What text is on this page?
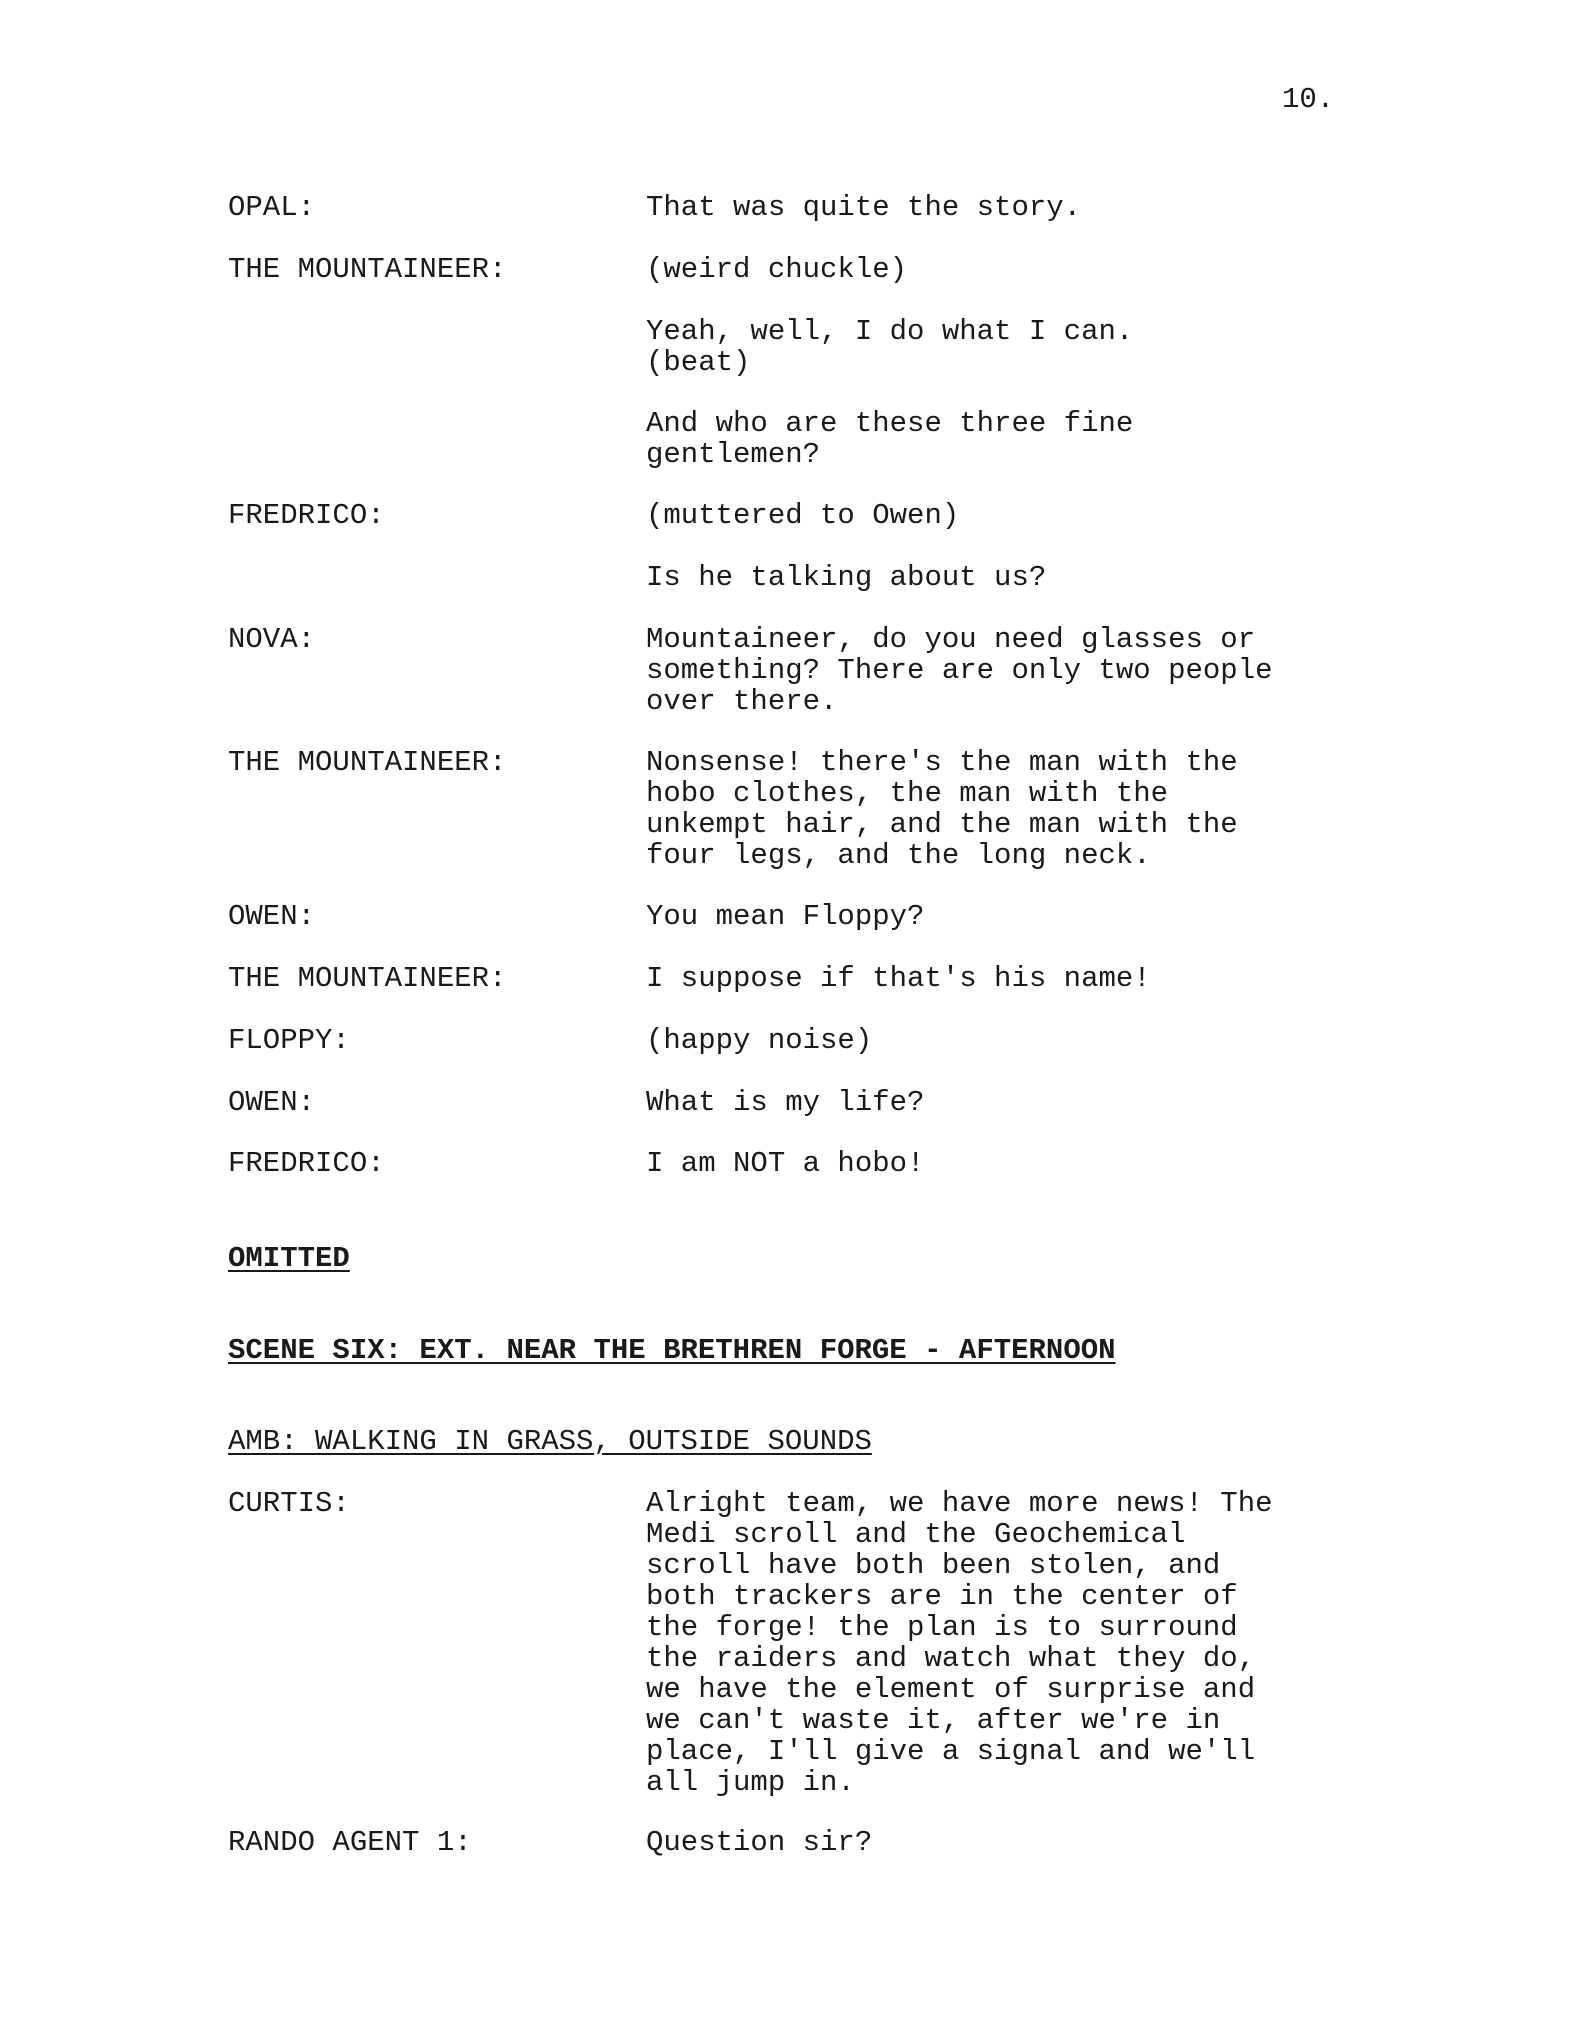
10.
OPAL:	That was quite the story.
THE MOUNTAINEER:	(weird chuckle)
Yeah, well, I do what I can.
(beat)
And who are these three fine
gentlemen?
FREDRICO:	(muttered to Owen)
Is he talking about us?
NOVA:	Mountaineer, do you need glasses or
something? There are only two people
over there.
THE MOUNTAINEER:	Nonsense! there's the man with the
hobo clothes, the man with the
unkempt hair, and the man with the
four legs, and the long neck.
OWEN:	You mean Floppy?
THE MOUNTAINEER:	I suppose if that's his name!
FLOPPY:	(happy noise)
OWEN:	What is my life?
FREDRICO:	I am NOT a hobo!
OMITTED
SCENE SIX: EXT. NEAR THE BRETHREN FORGE - AFTERNOON
AMB: WALKING IN GRASS, OUTSIDE SOUNDS
CURTIS:	Alright team, we have more news! The
Medi scroll and the Geochemical
scroll have both been stolen, and
both trackers are in the center of
the forge! the plan is to surround
the raiders and watch what they do,
we have the element of surprise and
we can't waste it, after we're in
place, I'll give a signal and we'll
all jump in.
RANDO AGENT 1:	Question sir?
